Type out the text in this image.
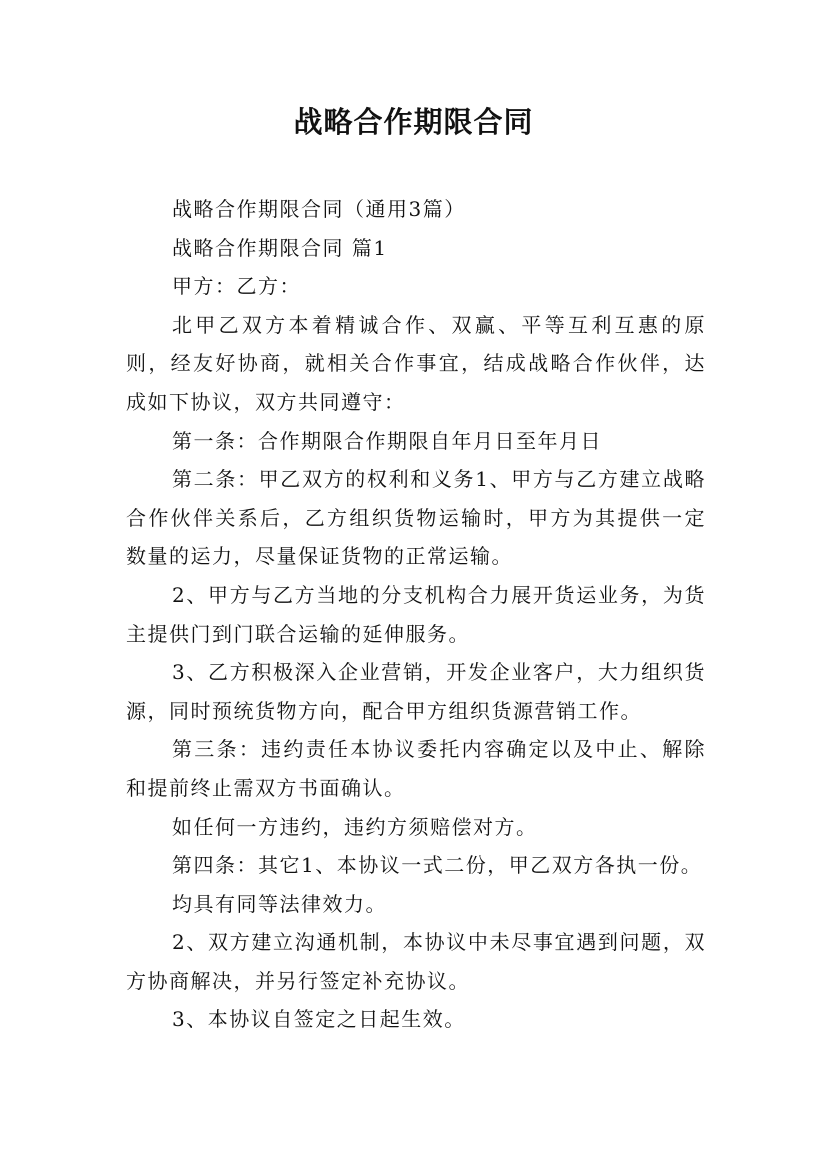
战略合作期限合同

战略合作期限合同（通用3篇）

战略合作期限合同 篇1

甲方：乙方：

北甲乙双方本着精诚合作、双赢、平等互利互惠的原则，经友好协商，就相关合作事宜，结成战略合作伙伴，达成如下协议，双方共同遵守：

第一条：合作期限合作期限自年月日至年月日

第二条：甲乙双方的权利和义务1、甲方与乙方建立战略合作伙伴关系后，乙方组织货物运输时，甲方为其提供一定数量的运力，尽量保证货物的正常运输。

2、甲方与乙方当地的分支机构合力展开货运业务，为货主提供门到门联合运输的延伸服务。

3、乙方积极深入企业营销，开发企业客户，大力组织货源，同时预统货物方向，配合甲方组织货源营销工作。

第三条：违约责任本协议委托内容确定以及中止、解除和提前终止需双方书面确认。

如任何一方违约，违约方须赔偿对方。

第四条：其它1、本协议一式二份，甲乙双方各执一份。

均具有同等法律效力。

2、双方建立沟通机制，本协议中未尽事宜遇到问题，双方协商解决，并另行签定补充协议。

3、本协议自签定之日起生效。
